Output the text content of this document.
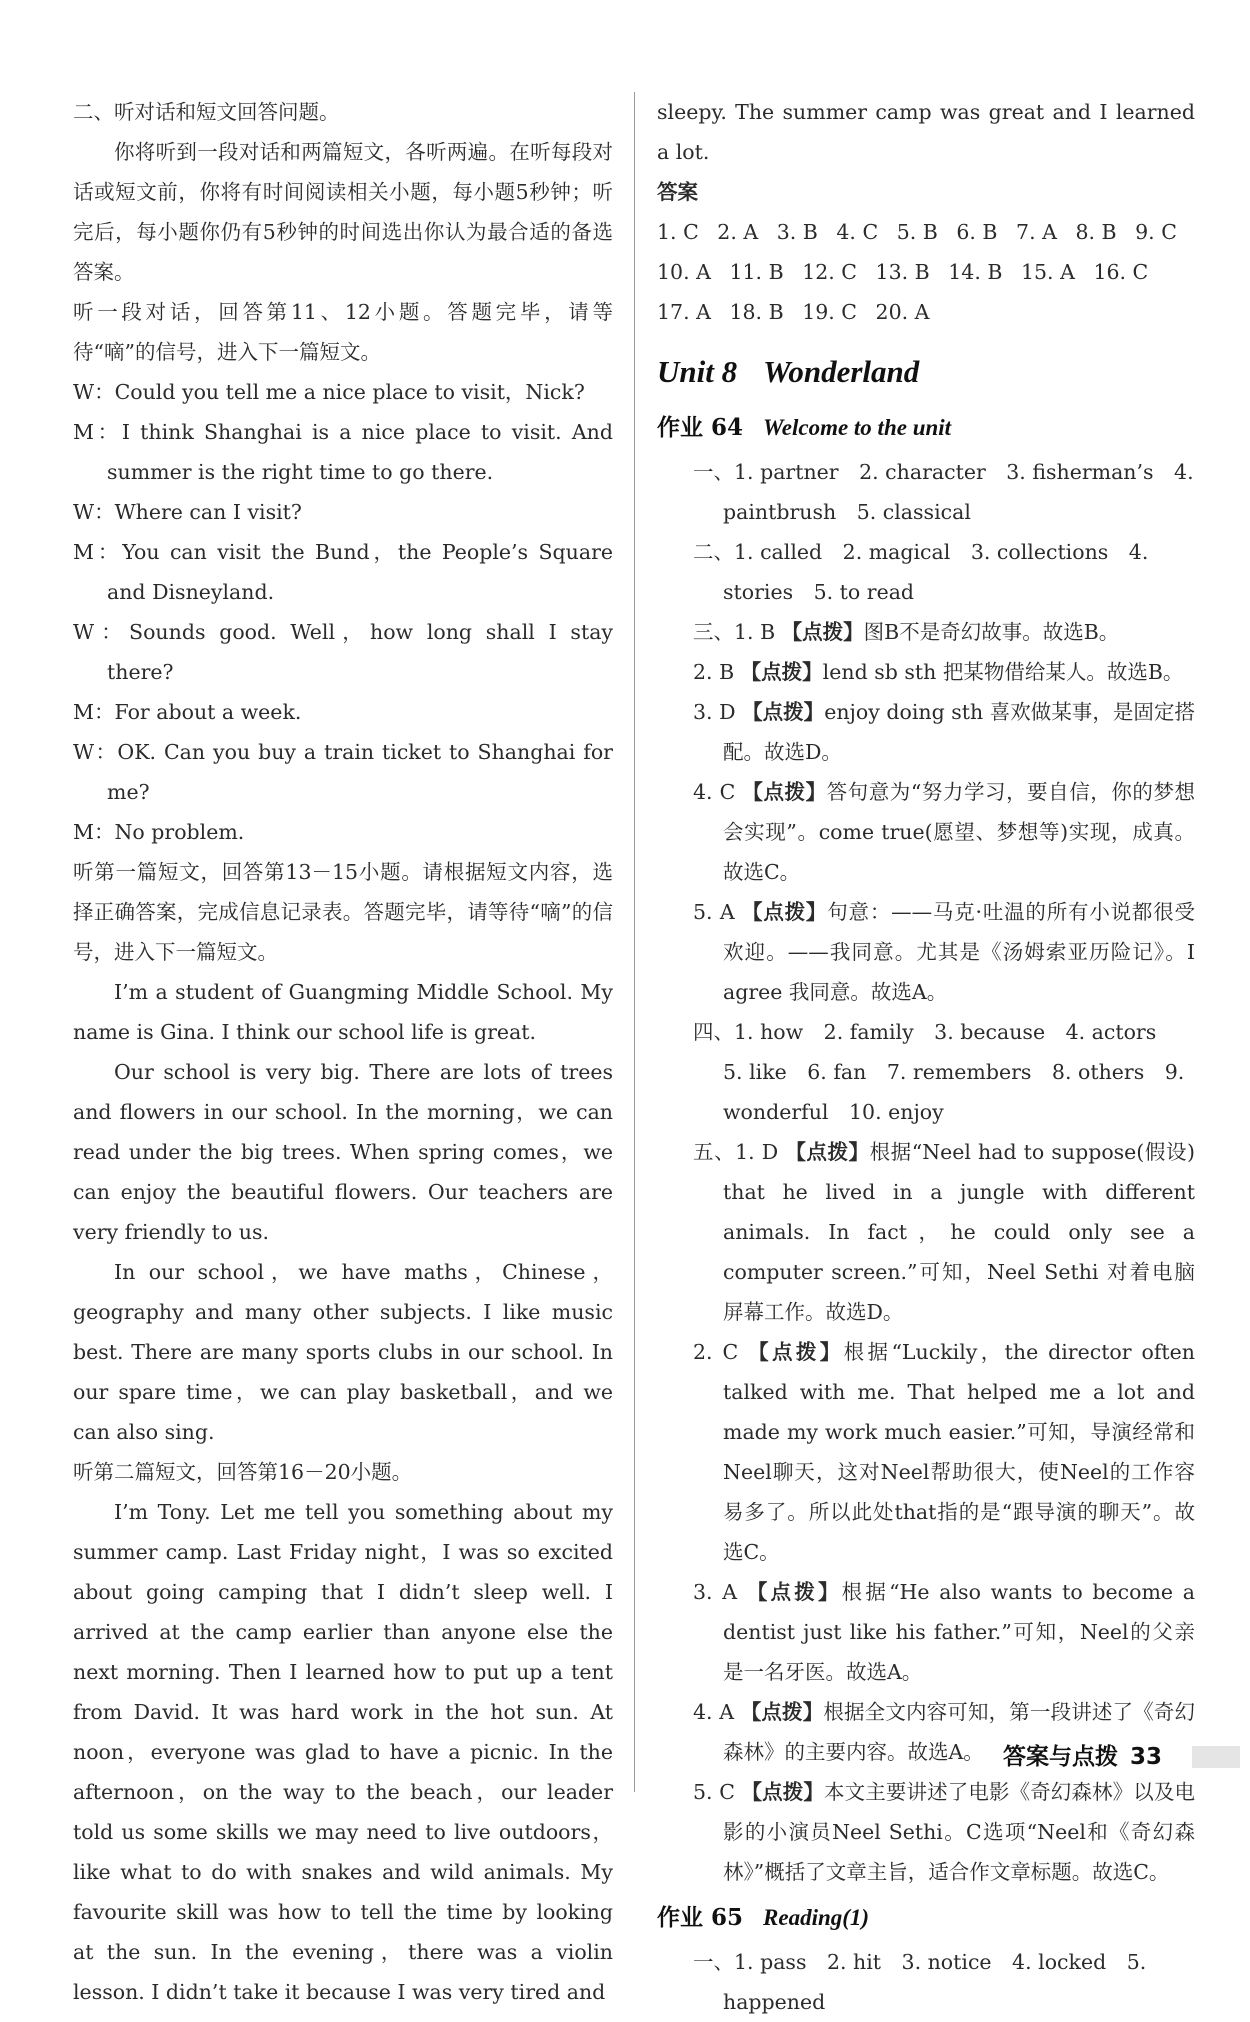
二、听对话和短文回答问题。

你将听到一段对话和两篇短文，各听两遍。在听每段对话或短文前，你将有时间阅读相关小题，每小题5秒钟；听完后，每小题你仍有5秒钟的时间选出你认为最合适的备选答案。

听一段对话，回答第11、12小题。答题完毕，请等待“嘀”的信号，进入下一篇短文。

W：Could you tell me a nice place to visit，Nick?

M：I think Shanghai is a nice place to visit. And summer is the right time to go there.

W：Where can I visit?

M：You can visit the Bund，the People’s Square and Disneyland.

W：Sounds good. Well，how long shall I stay there?

M：For about a week.

W：OK. Can you buy a train ticket to Shanghai for me?

M：No problem.

听第一篇短文，回答第13－15小题。请根据短文内容，选择正确答案，完成信息记录表。答题完毕，请等待“嘀”的信号，进入下一篇短文。

I’m a student of Guangming Middle School. My name is Gina. I think our school life is great.

Our school is very big. There are lots of trees and flowers in our school. In the morning，we can read under the big trees. When spring comes，we can enjoy the beautiful flowers. Our teachers are very friendly to us.

In our school，we have maths，Chinese，geography and many other subjects. I like music best. There are many sports clubs in our school. In our spare time，we can play basketball，and we can also sing.

听第二篇短文，回答第16－20小题。

I’m Tony. Let me tell you something about my summer camp. Last Friday night，I was so excited about going camping that I didn’t sleep well. I arrived at the camp earlier than anyone else the next morning. Then I learned how to put up a tent from David. It was hard work in the hot sun. At noon，everyone was glad to have a picnic. In the afternoon，on the way to the beach，our leader told us some skills we may need to live outdoors，like what to do with snakes and wild animals. My favourite skill was how to tell the time by looking at the sun. In the evening，there was a violin lesson. I didn’t take it because I was very tired and

sleepy. The summer camp was great and I learned a lot.

答案

1. C 2. A 3. B 4. C 5. B 6. B 7. A 8. B 9. C 10. A 11. B 12. C 13. B 14. B 15. A 16. C 17. A 18. B 19. C 20. A

Unit 8 Wonderland
作业 64 Welcome to the unit

一、1. partner　2. character　3. fisherman’s　4. paintbrush　5. classical

二、1. called　2. magical　3. collections　4. stories　5. to read

三、1. B 【点拨】图B不是奇幻故事。故选B。

2. B 【点拨】lend sb sth 把某物借给某人。故选B。

3. D 【点拨】enjoy doing sth 喜欢做某事，是固定搭配。故选D。

4. C 【点拨】答句意为“努力学习，要自信，你的梦想会实现”。come true(愿望、梦想等)实现，成真。故选C。

5. A 【点拨】句意：——马克·吐温的所有小说都很受欢迎。——我同意。尤其是《汤姆索亚历险记》。I agree 我同意。故选A。

四、1. how　2. family　3. because　4. actors　5. like　6. fan　7. remembers　8. others　9. wonderful　10. enjoy

五、1. D 【点拨】根据“Neel had to suppose(假设) that he lived in a jungle with different animals. In fact，he could only see a computer screen.”可知，Neel Sethi 对着电脑屏幕工作。故选D。

2. C 【点拨】根据“Luckily，the director often talked with me. That helped me a lot and made my work much easier.”可知，导演经常和Neel聊天，这对Neel帮助很大，使Neel的工作容易多了。所以此处that指的是“跟导演的聊天”。故选C。

3. A 【点拨】根据“He also wants to become a dentist just like his father.”可知，Neel的父亲是一名牙医。故选A。

4. A 【点拨】根据全文内容可知，第一段讲述了《奇幻森林》的主要内容。故选A。

5. C 【点拨】本文主要讲述了电影《奇幻森林》以及电影的小演员Neel Sethi。C选项“Neel和《奇幻森林》”概括了文章主旨，适合作文章标题。故选C。

作业 65 Reading(1)

一、1. pass　2. hit　3. notice　4. locked　5. happened

答案与点拨 33
